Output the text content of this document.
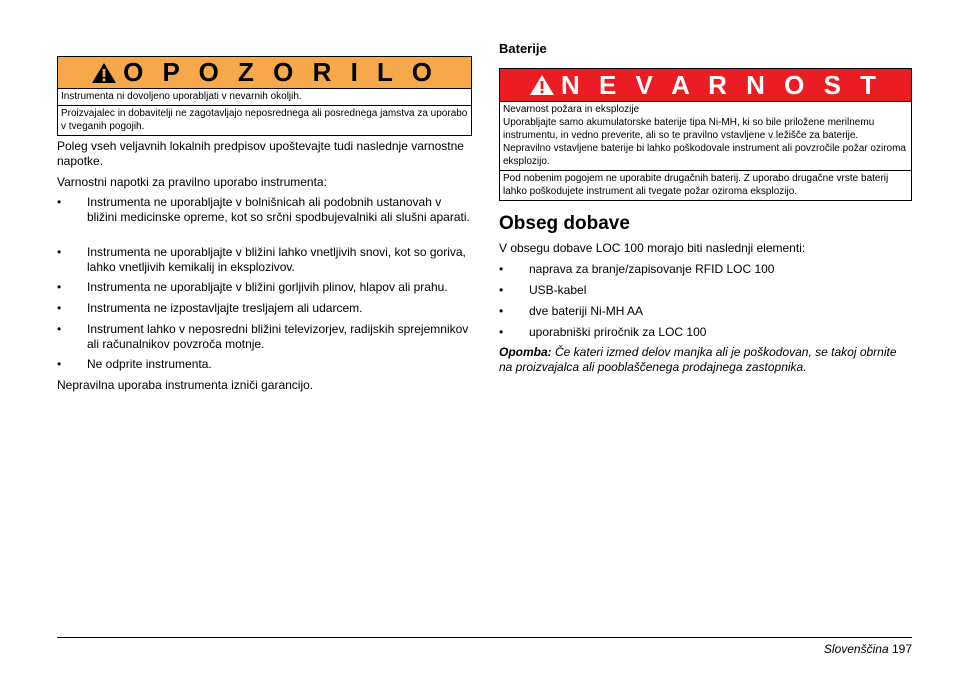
O P O Z O R I L O

Instrumenta ni dovoljeno uporabljati v nevarnih okoljih.

Proizvajalec in dobavitelji ne zagotavljajo neposrednega ali posrednega jamstva za uporabo v tveganih pogojih.

Poleg vseh veljavnih lokalnih predpisov upoštevajte tudi naslednje varnostne napotke.

Varnostni napotki za pravilno uporabo instrumenta:

• Instrumenta ne uporabljajte v bolnišnicah ali podobnih ustanovah v bližini medicinske opreme, kot so srčni spodbujevalniki ali slušni aparati.
• Instrumenta ne uporabljajte v bližini lahko vnetljivih snovi, kot so goriva, lahko vnetljivih kemikalij in eksplozivov.
• Instrumenta ne uporabljajte v bližini gorljivih plinov, hlapov ali prahu.
• Instrumenta ne izpostavljajte tresljajem ali udarcem.
• Instrument lahko v neposredni bližini televizorjev, radijskih sprejemnikov ali računalnikov povzroča motnje.
• Ne odprite instrumenta.

Nepravilna uporaba instrumenta izniči garancijo.

Baterije
N E V A R N O S T

Nevarnost požara in eksplozije
Uporabljajte samo akumulatorske baterije tipa Ni-MH, ki so bile priložene merilnemu instrumentu, in vedno preverite, ali so te pravilno vstavljene v ležišče za baterije. Nepravilno vstavljene baterije bi lahko poškodovale instrument ali povzročile požar oziroma eksplozijo.

Pod nobenim pogojem ne uporabite drugačnih baterij. Z uporabo drugačne vrste baterij lahko poškodujete instrument ali tvegate požar oziroma eksplozijo.

Obseg dobave

V obsegu dobave LOC 100 morajo biti naslednji elementi:

• naprava za branje/zapisovanje RFID LOC 100
• USB-kabel
• dve bateriji Ni-MH AA
• uporabniški priročnik za LOC 100

Opomba: Če kateri izmed delov manjka ali je poškodovan, se takoj obrnite na proizvajalca ali pooblaščenega prodajnega zastopnika.

Slovenščina 197
